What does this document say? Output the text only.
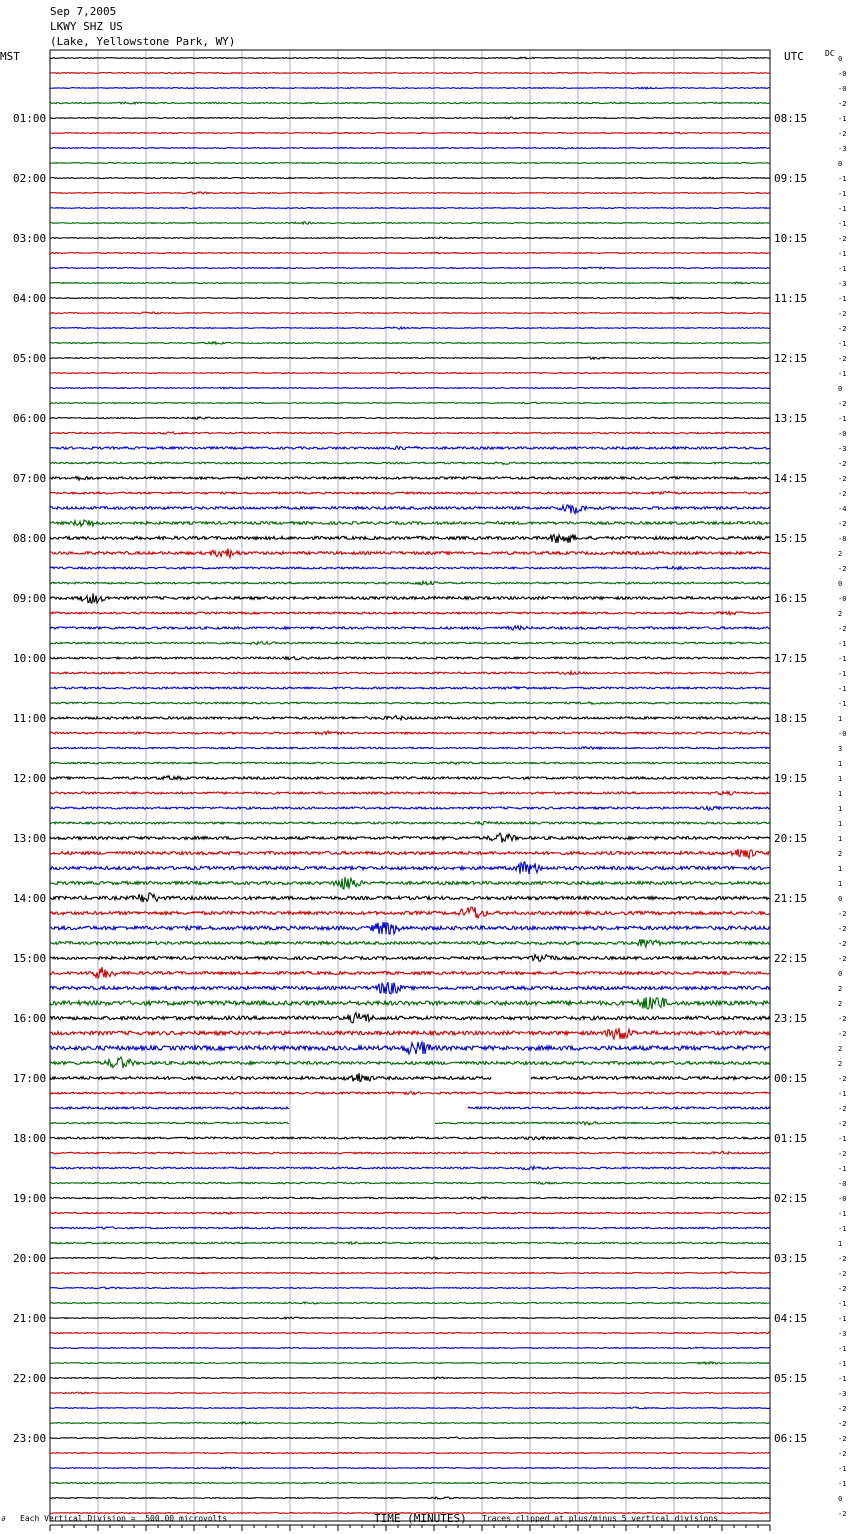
Sep 7,2005
LKWY SHZ US
(Lake, Yellowstone Park, WY)
MST	UTC	DC
0
-0
-0
-2
-1
-2
-3
0
-1
-1
-1
-1
-2
-1
-1
-3
-1
-2
-2
-1
-2
-1
0
-2
-1
-0
-3
-2
-2
-2
-4
-2
-8
2
-2
0
-0
2
-2
-1
-1
-1
-1
-1
1
-0
3
1
1
1
1
1
1
2
1
1
0
-2
-2
-2
-2
0
2
2
-2
-2
2
2
-2
-1
-2
-2
-1
-2
-1
-0
-0
-1
-1
1
-2
-2
-2
-1
-1
-3
-1
-1
-1
-3
-2
-2
-2
-2
-1
-1
0
-2
01:00	08:15
02:00	09:15
03:00	10:15
04:00	11:15
05:00	12:15
06:00	13:15
07:00	14:15
08:00	15:15
09:00	16:15
10:00	17:15
11:00	18:15
12:00	19:15
13:00	20:15
14:00	21:15
15:00	22:15
16:00	23:15
17:00	00:15
18:00	01:15
19:00	02:15
20:00	03:15
21:00	04:15
22:00	05:15
23:00	06:15
∂ Each Vertical Division =  500.00 microvolts	TIME (MINUTES) Traces clipped at plus/minus 5 vertical divisions
